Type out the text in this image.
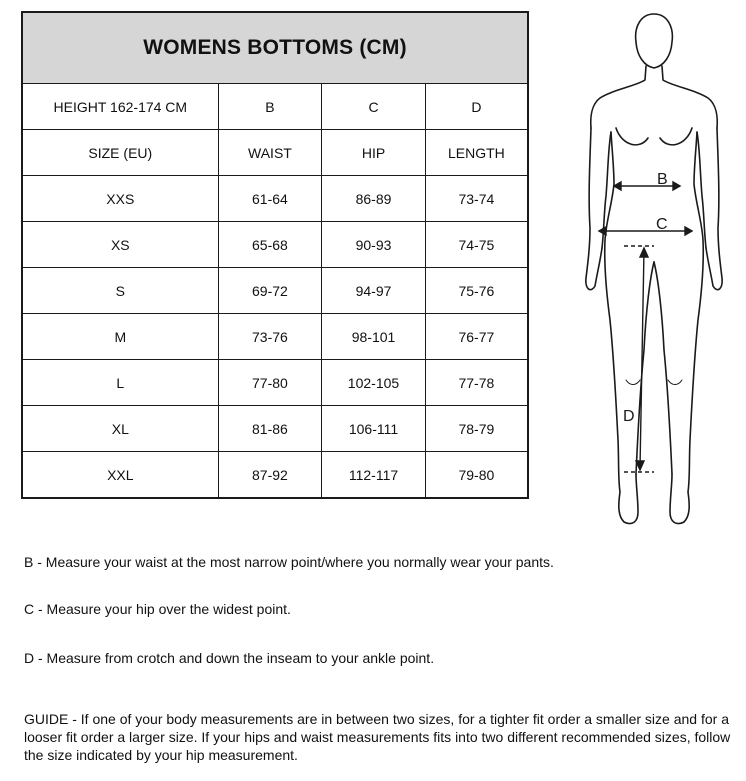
WOMENS BOTTOMS (CM)			
HEIGHT 162-174 CM	B	C	D
SIZE (EU)	WAIST	HIP	LENGTH
XXS	61-64	86-89	73-74
XS	65-68	90-93	74-75
S	69-72	94-97	75-76
M	73-76	98-101	76-77
L	77-80	102-105	77-78
XL	81-86	106-111	78-79
XXL	87-92	112-117	79-80
B
C
D

B - Measure your waist at the most narrow point/where you normally wear your pants.

C - Measure your hip over the widest point.

D - Measure from crotch and down the inseam to your ankle point.

GUIDE - If one of your body measurements are in between two sizes, for a tighter fit order a smaller size and for a looser fit order a larger size. If your hips and waist measurements fits into two different recommended sizes, follow the size indicated by your hip measurement.
